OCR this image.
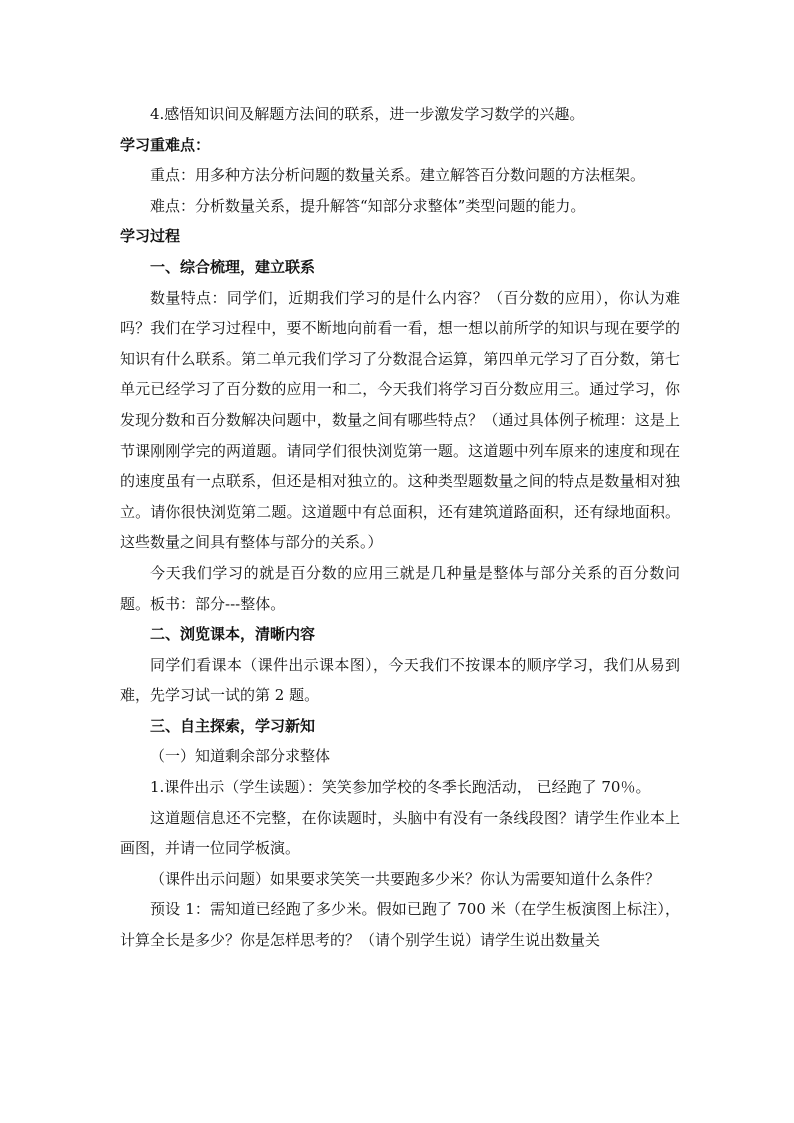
4.感悟知识间及解题方法间的联系，进一步激发学习数学的兴趣。

学习重难点：

重点：用多种方法分析问题的数量关系。建立解答百分数问题的方法框架。

难点：分析数量关系，提升解答“知部分求整体”类型问题的能力。

学习过程

一、综合梳理，建立联系

数量特点：同学们，近期我们学习的是什么内容？（百分数的应用），你认为难吗？我们在学习过程中，要不断地向前看一看，想一想以前所学的知识与现在要学的知识有什么联系。第二单元我们学习了分数混合运算，第四单元学习了百分数，第七单元已经学习了百分数的应用一和二，今天我们将学习百分数应用三。通过学习，你发现分数和百分数解决问题中，数量之间有哪些特点？（通过具体例子梳理：这是上节课刚刚学完的两道题。请同学们很快浏览第一题。这道题中列车原来的速度和现在的速度虽有一点联系，但还是相对独立的。这种类型题数量之间的特点是数量相对独立。请你很快浏览第二题。这道题中有总面积，还有建筑道路面积，还有绿地面积。这些数量之间具有整体与部分的关系。）

今天我们学习的就是百分数的应用三就是几种量是整体与部分关系的百分数问题。板书：部分---整体。

二、浏览课本，清晰内容

同学们看课本（课件出示课本图），今天我们不按课本的顺序学习，我们从易到难，先学习试一试的第 2 题。

三、自主探索，学习新知

（一）知道剩余部分求整体

1.课件出示（学生读题）：笑笑参加学校的冬季长跑活动， 已经跑了 70％。

这道题信息还不完整，在你读题时，头脑中有没有一条线段图？请学生作业本上画图，并请一位同学板演。

（课件出示问题）如果要求笑笑一共要跑多少米？你认为需要知道什么条件？

预设 1：需知道已经跑了多少米。假如已跑了 700 米（在学生板演图上标注），计算全长是多少？你是怎样思考的？（请个别学生说）请学生说出数量关
